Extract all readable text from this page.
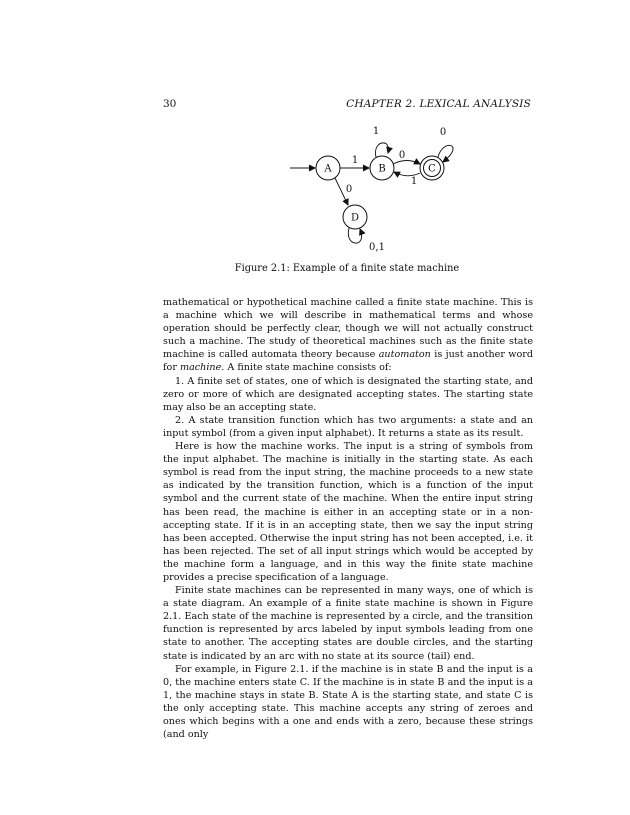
30	CHAPTER 2. LEXICAL ANALYSIS
A	B	C
D
1
0
1
0
1
0
0,1
Figure 2.1: Example of a finite state machine

mathematical or hypothetical machine called a finite state machine. This is a machine which we will describe in mathematical terms and whose operation should be perfectly clear, though we will not actually construct such a machine. The study of theoretical machines such as the finite state machine is called automata theory because automaton is just another word for machine. A finite state machine consists of:

1. A finite set of states, one of which is designated the starting state, and zero or more of which are designated accepting states. The starting state may also be an accepting state.

2. A state transition function which has two arguments: a state and an input symbol (from a given input alphabet). It returns a state as its result.

Here is how the machine works. The input is a string of symbols from the input alphabet. The machine is initially in the starting state. As each symbol is read from the input string, the machine proceeds to a new state as indicated by the transition function, which is a function of the input symbol and the current state of the machine. When the entire input string has been read, the machine is either in an accepting state or in a non-accepting state. If it is in an accepting state, then we say the input string has been accepted. Otherwise the input string has not been accepted, i.e. it has been rejected. The set of all input strings which would be accepted by the machine form a language, and in this way the finite state machine provides a precise specification of a language.

Finite state machines can be represented in many ways, one of which is a state diagram. An example of a finite state machine is shown in Figure 2.1. Each state of the machine is represented by a circle, and the transition function is represented by arcs labeled by input symbols leading from one state to another. The accepting states are double circles, and the starting state is indicated by an arc with no state at its source (tail) end.

For example, in Figure 2.1. if the machine is in state B and the input is a 0, the machine enters state C. If the machine is in state B and the input is a 1, the machine stays in state B. State A is the starting state, and state C is the only accepting state. This machine accepts any string of zeroes and ones which begins with a one and ends with a zero, because these strings (and only
